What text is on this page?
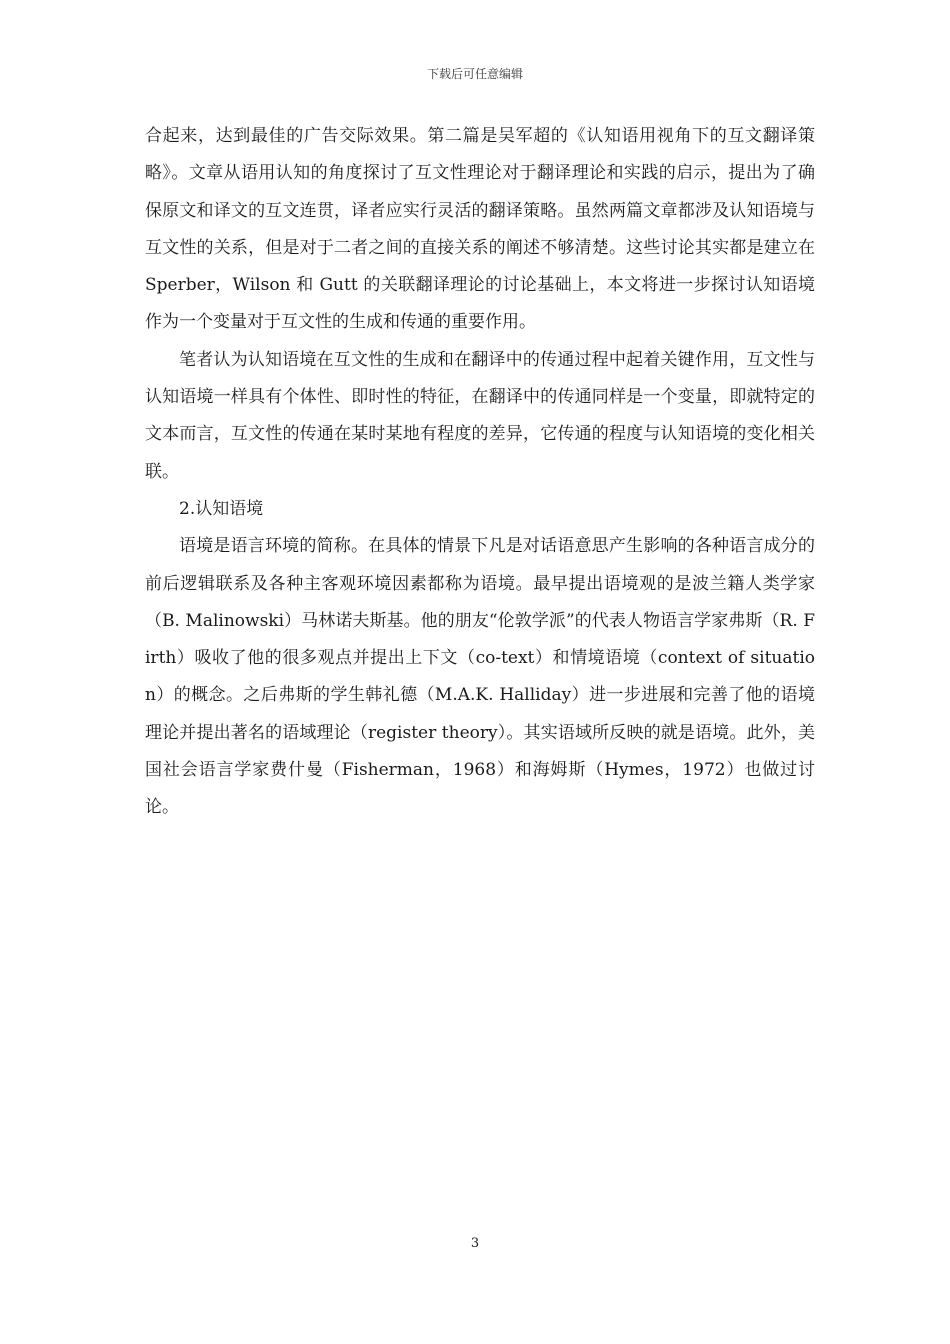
下载后可任意编辑

合起来，达到最佳的广告交际效果。第二篇是吴军超的《认知语用视角下的互文翻译策略》。文章从语用认知的角度探讨了互文性理论对于翻译理论和实践的启示，提出为了确保原文和译文的互文连贯，译者应实行灵活的翻译策略。虽然两篇文章都涉及认知语境与互文性的关系，但是对于二者之间的直接关系的阐述不够清楚。这些讨论其实都是建立在 Sperber，Wilson 和 Gutt 的关联翻译理论的讨论基础上，本文将进一步探讨认知语境作为一个变量对于互文性的生成和传通的重要作用。

笔者认为认知语境在互文性的生成和在翻译中的传通过程中起着关键作用，互文性与认知语境一样具有个体性、即时性的特征，在翻译中的传通同样是一个变量，即就特定的文本而言，互文性的传通在某时某地有程度的差异，它传通的程度与认知语境的变化相关联。

2.认知语境

语境是语言环境的简称。在具体的情景下凡是对话语意思产生影响的各种语言成分的前后逻辑联系及各种主客观环境因素都称为语境。最早提出语境观的是波兰籍人类学家（B. Malinowski）马林诺夫斯基。他的朋友“伦敦学派”的代表人物语言学家弗斯（R. Firth）吸收了他的很多观点并提出上下文（co-text）和情境语境（context of situation）的概念。之后弗斯的学生韩礼德（M.A.K. Halliday）进一步进展和完善了他的语境理论并提出著名的语域理论（register theory）。其实语域所反映的就是语境。此外，美国社会语言学家费什曼（Fisherman，1968）和海姆斯（Hymes，1972）也做过讨论。

3
